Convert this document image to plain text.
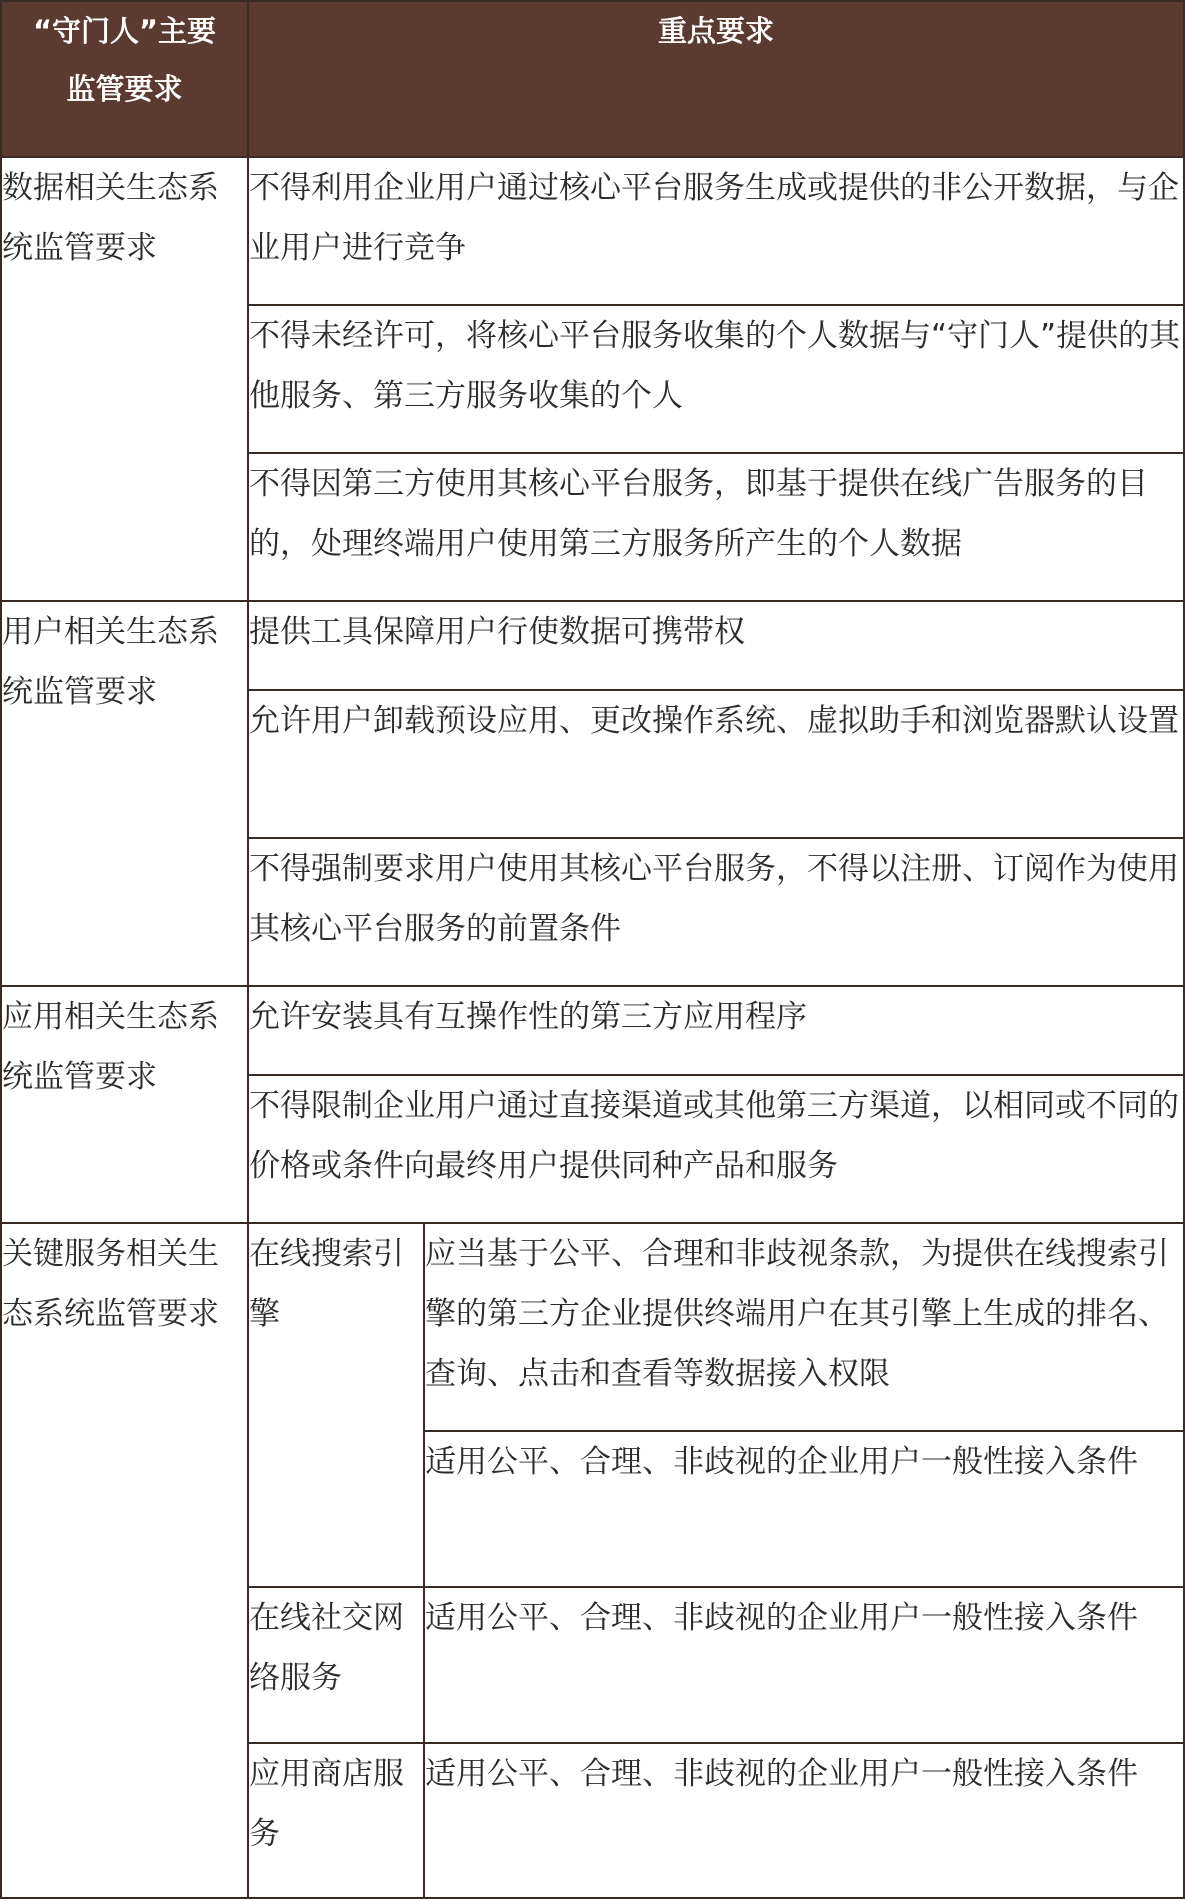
“守门人”主要监管要求	重点要求	
数据相关生态系统监管要求	不得利用企业用户通过核心平台服务生成或提供的非公开数据，与企业用户进行竞争	
	不得未经许可，将核心平台服务收集的个人数据与“守门人”提供的其他服务、第三方服务收集的个人	
	不得因第三方使用其核心平台服务，即基于提供在线广告服务的目的，处理终端用户使用第三方服务所产生的个人数据	
用户相关生态系统监管要求	提供工具保障用户行使数据可携带权	
	允许用户卸载预设应用、更改操作系统、虚拟助手和浏览器默认设置	
	不得强制要求用户使用其核心平台服务，不得以注册、订阅作为使用其核心平台服务的前置条件	
应用相关生态系统监管要求	允许安装具有互操作性的第三方应用程序	
	不得限制企业用户通过直接渠道或其他第三方渠道，以相同或不同的价格或条件向最终用户提供同种产品和服务	
关键服务相关生态系统监管要求	在线搜索引擎	应当基于公平、合理和非歧视条款，为提供在线搜索引擎的第三方企业提供终端用户在其引擎上生成的排名、查询、点击和查看等数据接入权限
		适用公平、合理、非歧视的企业用户一般性接入条件
	在线社交网络服务	适用公平、合理、非歧视的企业用户一般性接入条件
	应用商店服务	适用公平、合理、非歧视的企业用户一般性接入条件
